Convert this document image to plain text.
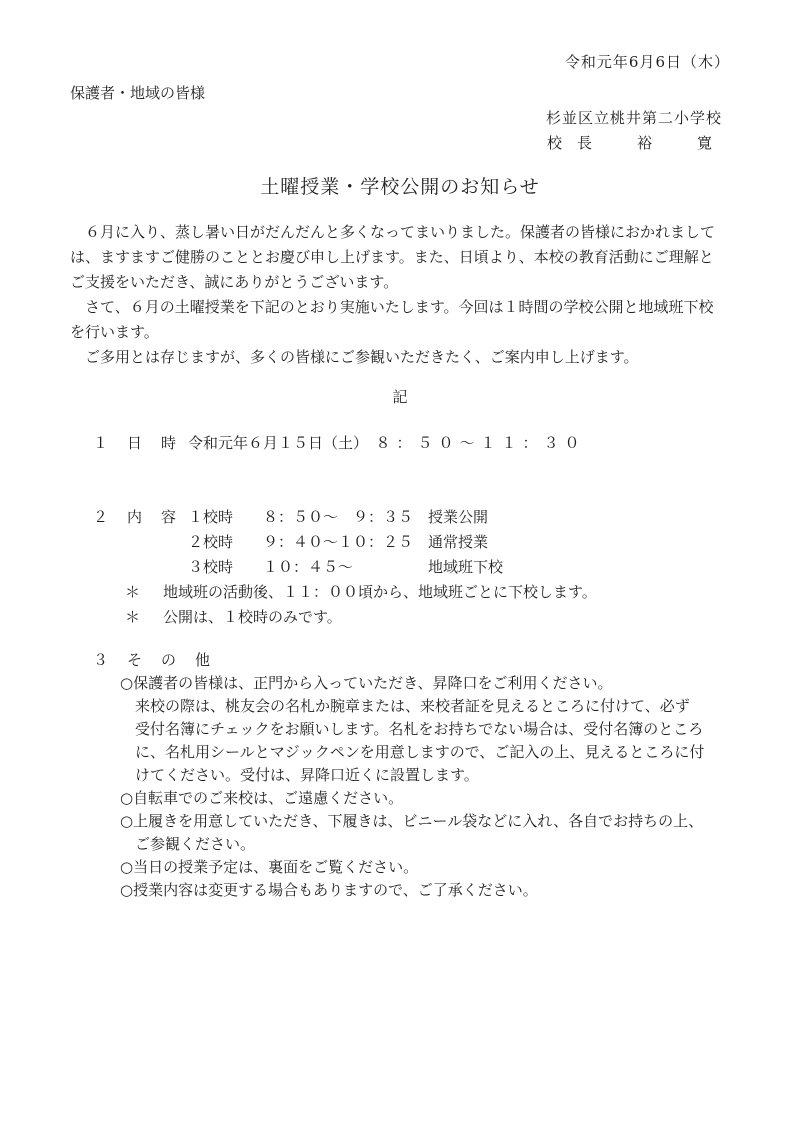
令和元年6月6日（木）
保護者・地域の皆様
杉並区立桃井第二小学校
校　長　　　裕　　　寛
土曜授業・学校公開のお知らせ
　６月に入り、蒸し暑い日がだんだんと多くなってまいりました。保護者の皆様におかれまして
は、ますますご健勝のこととお慶び申し上げます。また、日頃より、本校の教育活動にご理解と
ご支援をいただき、誠にありがとうございます。
　さて、６月の土曜授業を下記のとおり実施いたします。今回は１時間の学校公開と地域班下校
を行います。
　ご多用とは存じますが、多くの皆様にご参観いただきたく、ご案内申し上げます。
記
１　日　時 令和元年６月１５日（土）　８：５０～１１：３０
２　内　容 １校時　　８：５０～　９：３５　授業公開
２校時　　９：４０～１０：２５　通常授業
３校時　　１０：４５～　　　　　地域班下校
＊	地域班の活動後、１１：００頃から、地域班ごとに下校します。
＊	公開は、１校時のみです。
３　そ　の　他
○保護者の皆様は、正門から入っていただき、昇降口をご利用ください。
　来校の際は、桃友会の名札か腕章または、来校者証を見えるところに付けて、必ず
　受付名簿にチェックをお願いします。名札をお持ちでない場合は、受付名簿のところ
　に、名札用シールとマジックペンを用意しますので、ご記入の上、見えるところに付
　けてください。受付は、昇降口近くに設置します。
○自転車でのご来校は、ご遠慮ください。
○上履きを用意していただき、下履きは、ビニール袋などに入れ、各自でお持ちの上、
　ご参観ください。
○当日の授業予定は、裏面をご覧ください。
○授業内容は変更する場合もありますので、ご了承ください。
